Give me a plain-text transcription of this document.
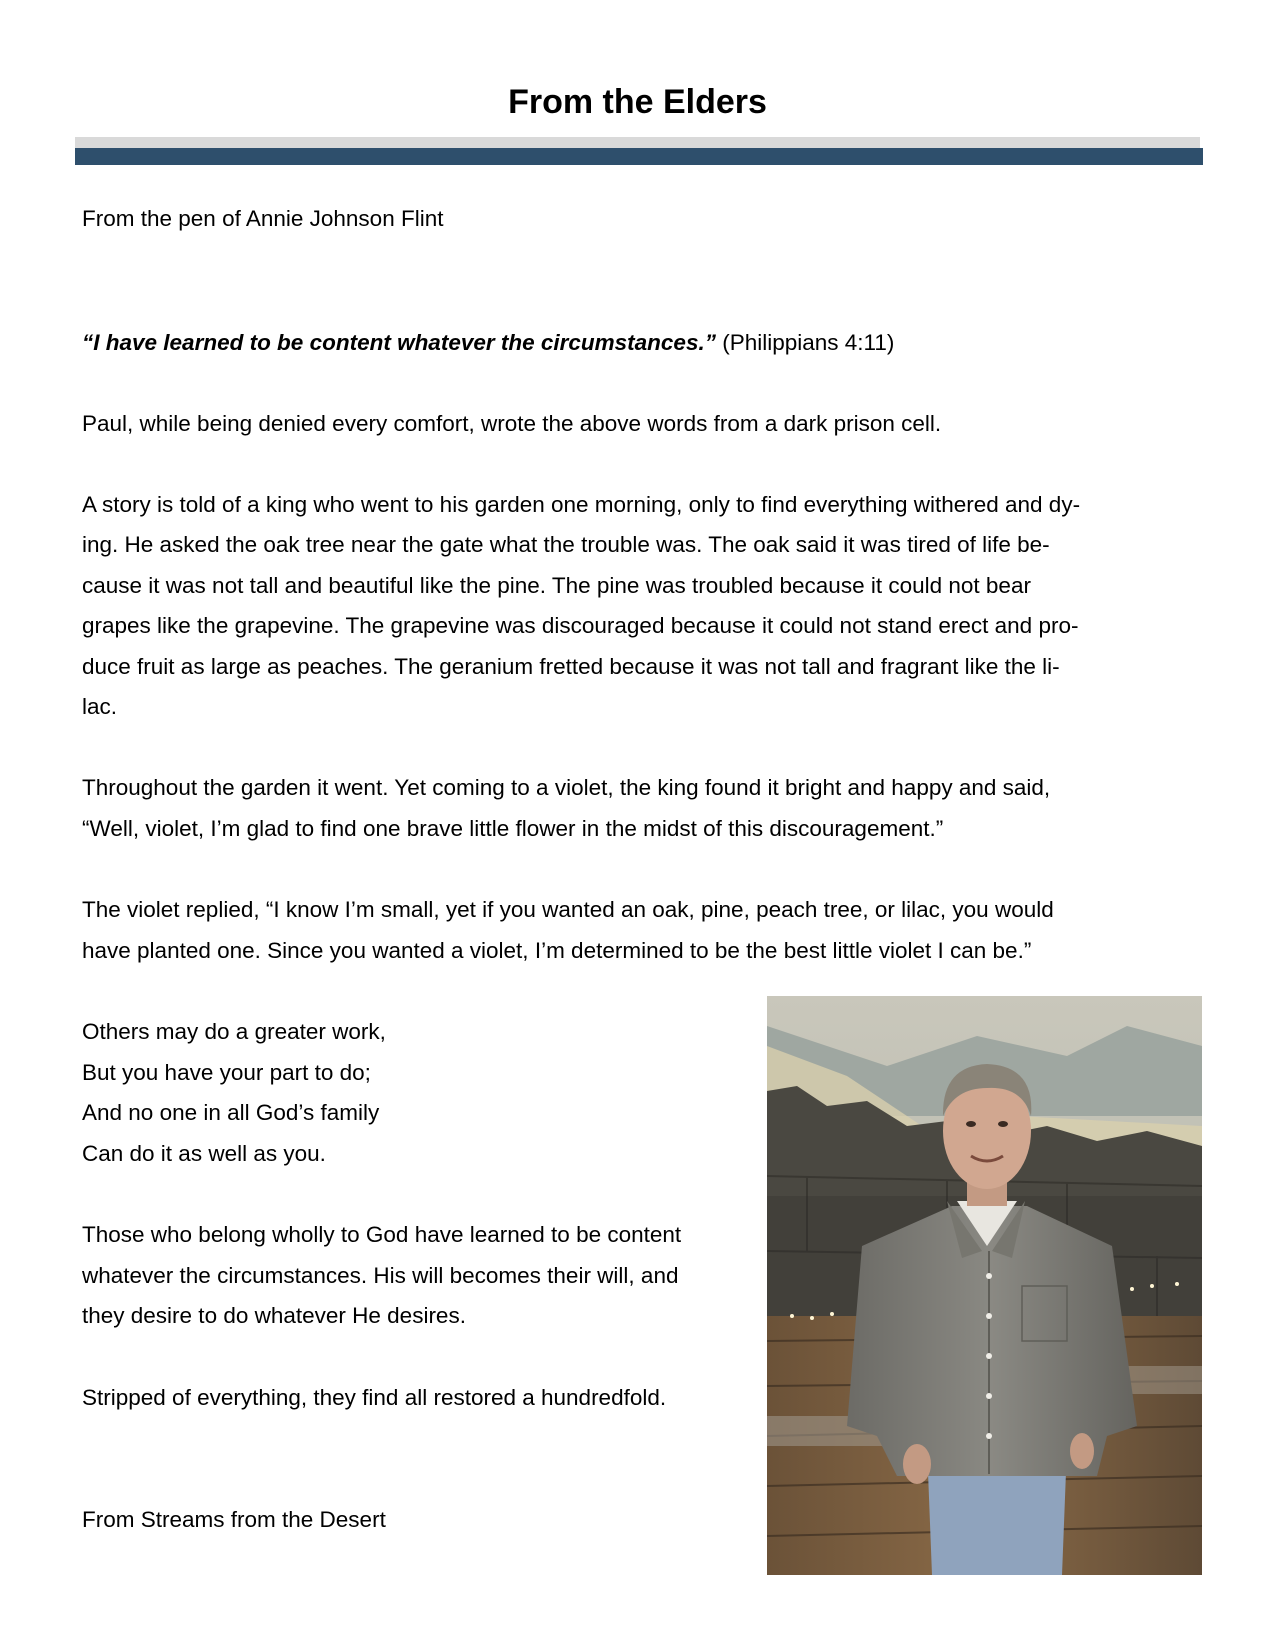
From the Elders

From the pen of Annie Johnson Flint

“I have learned to be content whatever the circumstances.” (Philippians 4:11)

Paul, while being denied every comfort, wrote the above words from a dark prison cell.

A story is told of a king who went to his garden one morning, only to find everything withered and dy-

ing. He asked the oak tree near the gate what the trouble was. The oak said it was tired of life be-

cause it was not tall and beautiful like the pine. The pine was troubled because it could not bear

grapes like the grapevine. The grapevine was discouraged because it could not stand erect and pro-

duce fruit as large as peaches. The geranium fretted because it was not tall and fragrant like the li-

lac.

Throughout the garden it went. Yet coming to a violet, the king found it bright and happy and said,

“Well, violet, I’m glad to find one brave little flower in the midst of this discouragement.”

The violet replied, “I know I’m small, yet if you wanted an oak, pine, peach tree, or lilac, you would

have planted one. Since you wanted a violet, I’m determined to be the best little violet I can be.”

Others may do a greater work,

But you have your part to do;

And no one in all God’s family

Can do it as well as you.

Those who belong wholly to God have learned to be content

whatever the circumstances. His will becomes their will, and

they desire to do whatever He desires.

Stripped of everything, they find all restored a hundredfold.

From Streams from the Desert
